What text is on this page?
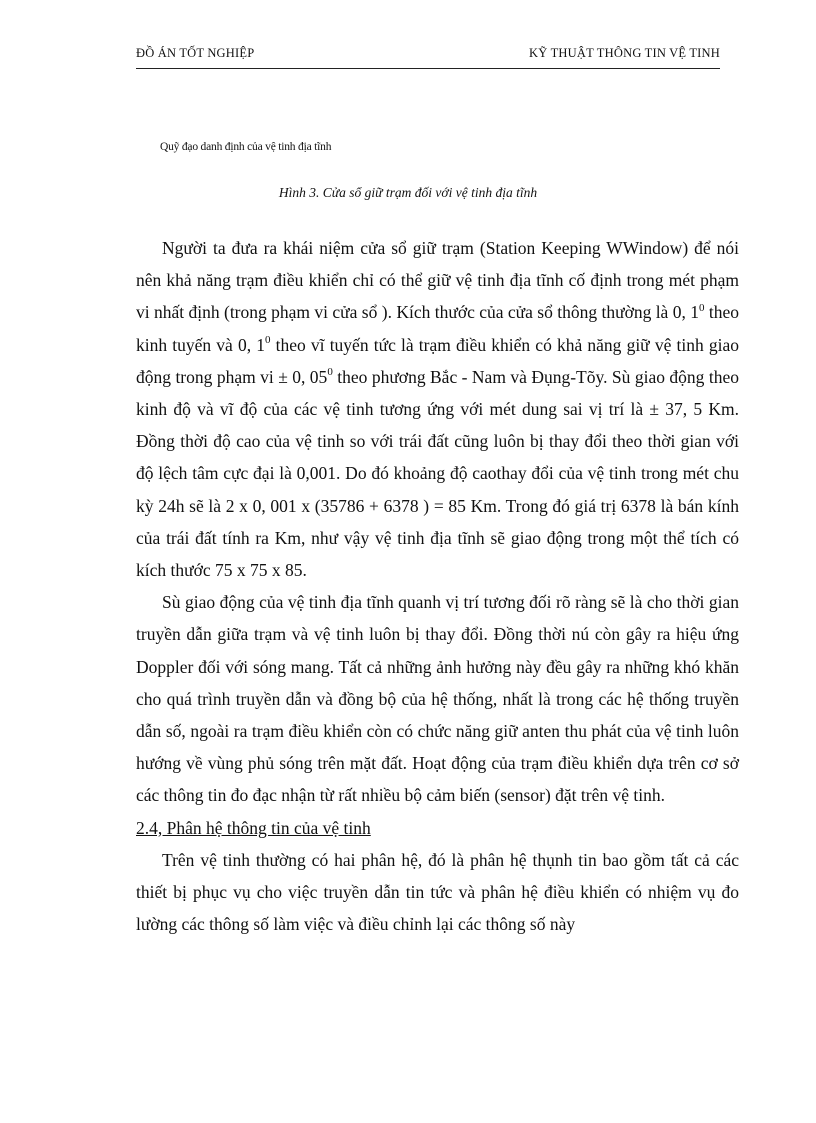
ĐỒ ÁN TỐT NGHIỆP	KỸ THUẬT THÔNG TIN VỆ TINH
Quỹ đạo danh định của vệ tinh địa tĩnh
Hình 3. Cửa sổ giữ trạm đối với vệ tinh địa tĩnh

Người ta đưa ra khái niệm cửa sổ giữ trạm (Station Keeping WWindow) để nói nên khả năng trạm điều khiển chỉ có thể giữ vệ tinh địa tĩnh cố định trong mét phạm vi nhất định (trong phạm vi cửa sổ ). Kích thước của cửa sổ thông thường là 0, $1^0$ theo kinh tuyến và 0, $1^0$ theo vĩ tuyến tức là trạm điều khiển có khả năng giữ vệ tinh giao động trong phạm vi ± 0, $05^0$ theo phương Bắc - Nam và Đụng-Tõy. Sù giao động theo kinh độ và vĩ độ của các vệ tinh tương ứng với mét dung sai vị trí là ± 37, 5 Km. Đồng thời độ cao của vệ tinh so với trái đất cũng luôn bị thay đổi theo thời gian với độ lệch tâm cực đại là 0,001. Do đó khoảng độ caothay đổi của vệ tinh trong mét chu kỳ 24h sẽ là 2 x 0, 001 x (35786 + 6378 ) = 85 Km. Trong đó giá trị 6378 là bán kính của trái đất tính ra Km, như vậy vệ tinh địa tĩnh sẽ giao động trong một thể tích có kích thước 75 x 75 x 85.

Sù giao động của vệ tinh địa tĩnh quanh vị trí tương đối rõ ràng sẽ là cho thời gian truyền dẫn giữa trạm và vệ tinh luôn bị thay đổi. Đồng thời nú còn gây ra hiệu ứng Doppler đối với sóng mang. Tất cả những ảnh hưởng này đều gây ra những khó khăn cho quá trình truyền dẫn và đồng bộ của hệ thống, nhất là trong các hệ thống truyền dẫn số, ngoài ra trạm điều khiển còn có chức năng giữ anten thu phát của vệ tinh luôn hướng về vùng phủ sóng trên mặt đất. Hoạt động của trạm điều khiển dựa trên cơ sở các thông tin đo đạc nhận từ rất nhiều bộ cảm biến (sensor) đặt trên vệ tinh.

2.4, Phân hệ thông tin của vệ tinh

Trên vệ tinh thường có hai phân hệ, đó là phân hệ thụnh tin bao gồm tất cả các thiết bị phục vụ cho việc truyền dẫn tin tức và phân hệ điều khiển có nhiệm vụ đo lường các thông số làm việc và điều chỉnh lại các thông số này
